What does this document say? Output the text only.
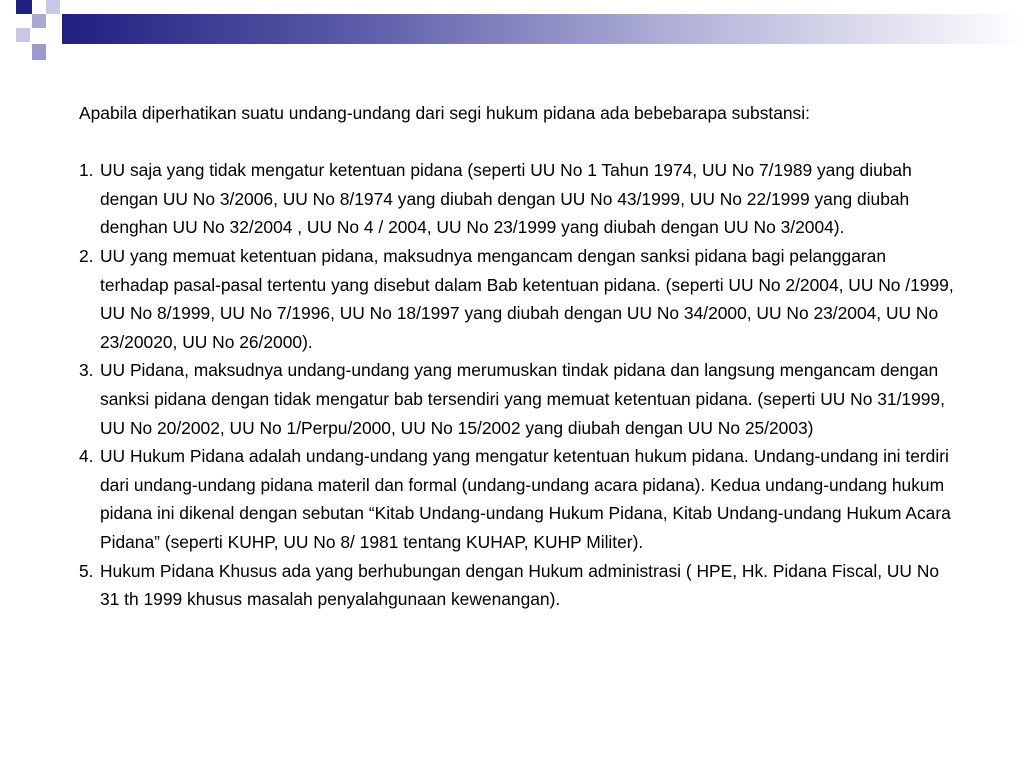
Apabila diperhatikan suatu undang-undang dari segi hukum pidana ada bebebarapa substansi:

1. UU saja yang tidak mengatur ketentuan pidana (seperti UU No 1 Tahun 1974, UU No 7/1989 yang diubah dengan UU No 3/2006, UU No 8/1974 yang diubah dengan UU No 43/1999, UU No 22/1999 yang diubah denghan UU No 32/2004 , UU No 4 / 2004, UU No 23/1999 yang diubah dengan UU No 3/2004).
2. UU yang memuat ketentuan pidana, maksudnya mengancam dengan sanksi pidana bagi pelanggaran terhadap pasal-pasal tertentu yang disebut dalam Bab ketentuan pidana. (seperti UU No 2/2004, UU No /1999, UU No 8/1999, UU No 7/1996, UU No 18/1997 yang diubah dengan UU No 34/2000, UU No 23/2004, UU No 23/20020, UU No 26/2000).
3. UU Pidana, maksudnya undang-undang yang merumuskan tindak pidana dan langsung mengancam dengan sanksi pidana dengan tidak mengatur bab tersendiri yang memuat ketentuan pidana. (seperti UU No 31/1999, UU No 20/2002, UU No 1/Perpu/2000, UU No 15/2002 yang diubah dengan UU No 25/2003)
4. UU Hukum Pidana adalah undang-undang yang mengatur ketentuan hukum pidana. Undang-undang ini terdiri dari undang-undang pidana materil dan formal (undang-undang acara pidana). Kedua undang-undang hukum pidana ini dikenal dengan sebutan “Kitab Undang-undang Hukum Pidana, Kitab Undang-undang Hukum Acara Pidana” (seperti KUHP, UU No 8/ 1981 tentang KUHAP, KUHP Militer).
5. Hukum Pidana Khusus ada yang berhubungan dengan Hukum administrasi ( HPE, Hk. Pidana Fiscal, UU No 31 th 1999 khusus masalah penyalahgunaan kewenangan).
